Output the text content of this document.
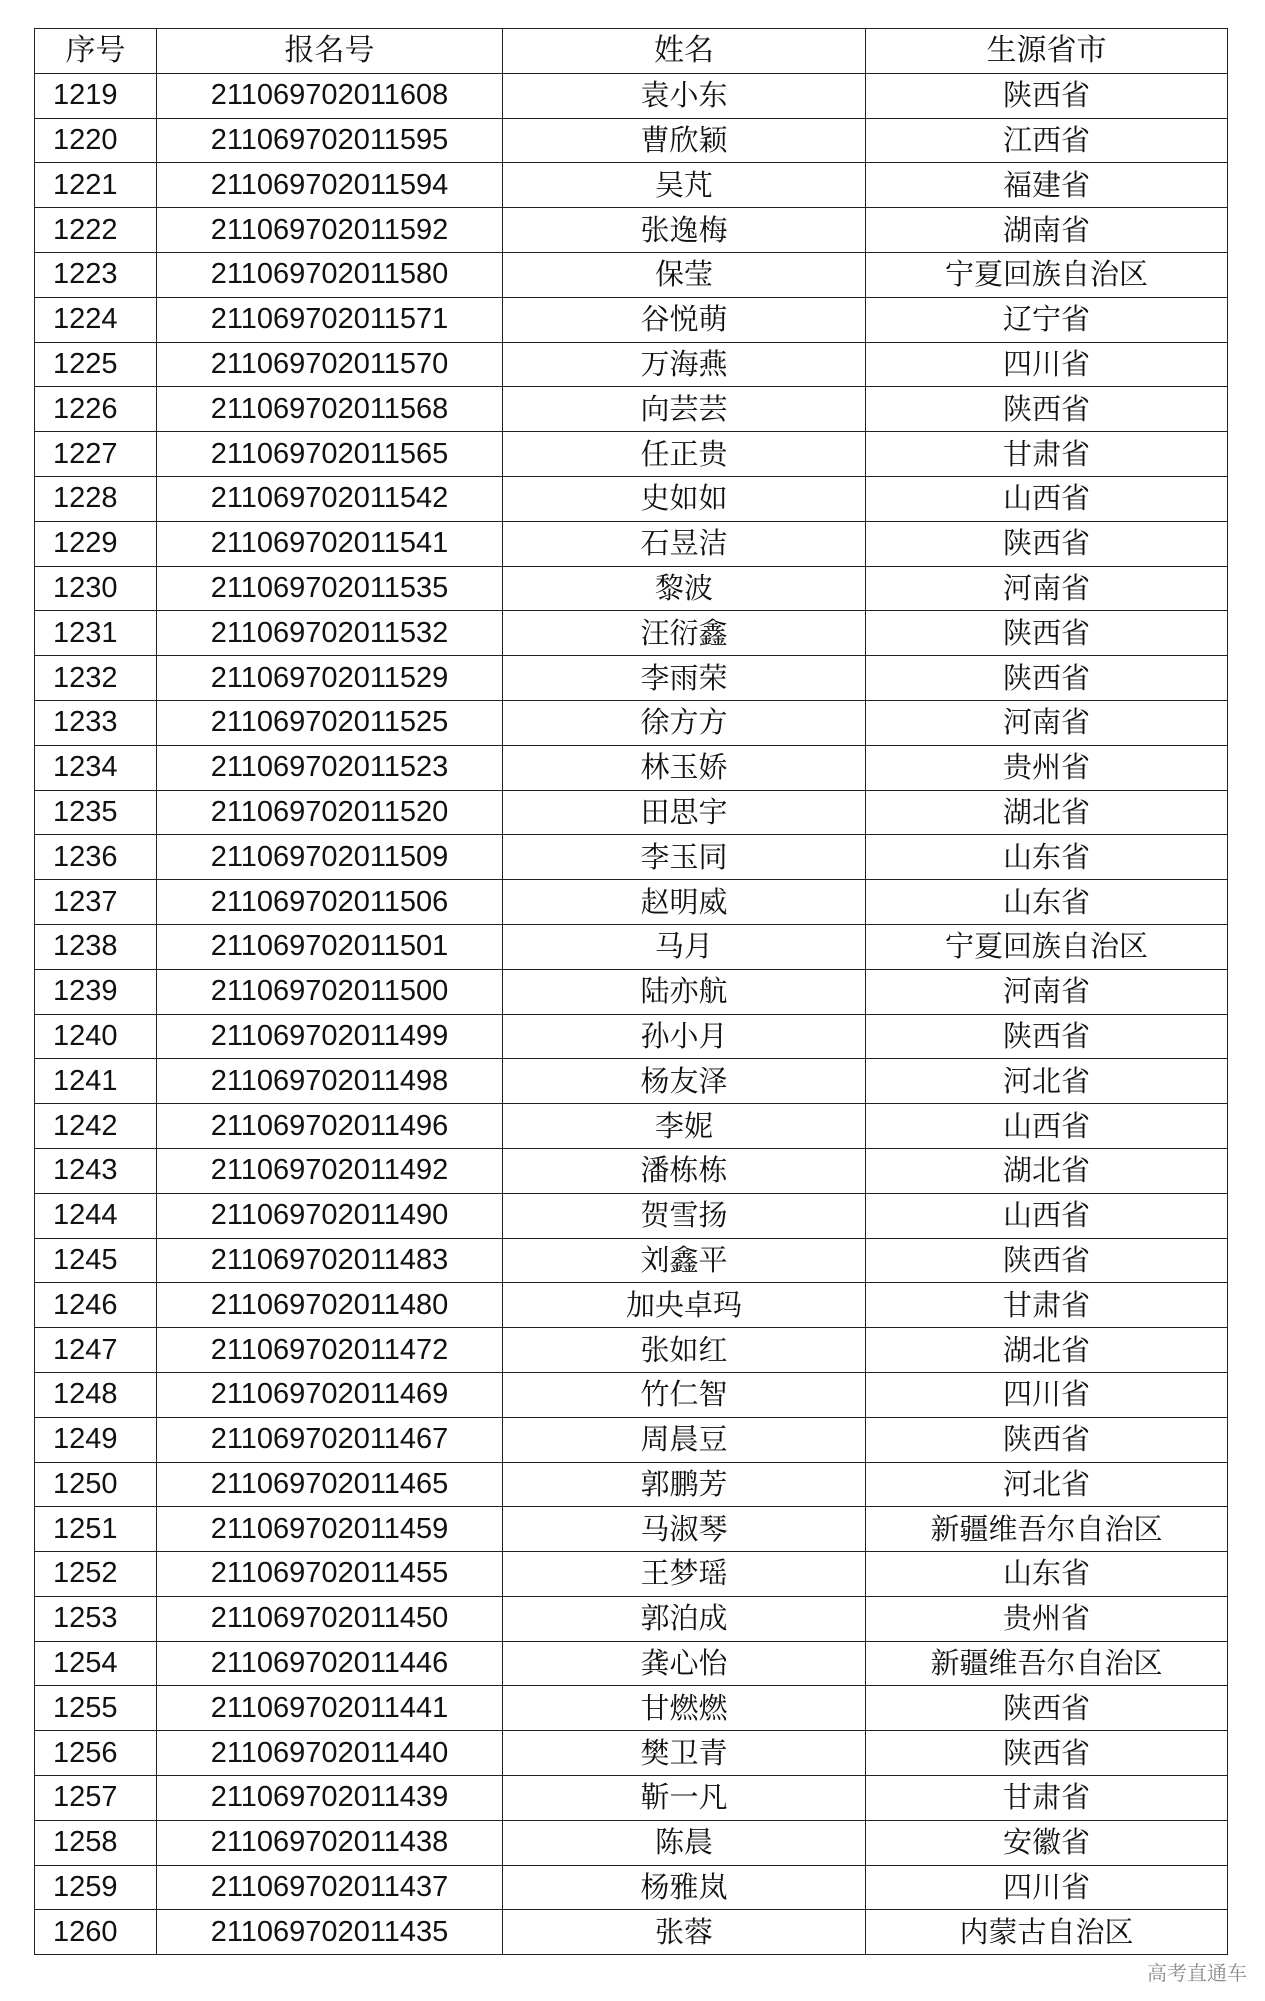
序号	报名号	姓名	生源省市
1219	211069702011608	袁小东	陕西省
1220	211069702011595	曹欣颖	江西省
1221	211069702011594	吴芃	福建省
1222	211069702011592	张逸梅	湖南省
1223	211069702011580	保莹	宁夏回族自治区
1224	211069702011571	谷悦萌	辽宁省
1225	211069702011570	万海燕	四川省
1226	211069702011568	向芸芸	陕西省
1227	211069702011565	任正贵	甘肃省
1228	211069702011542	史如如	山西省
1229	211069702011541	石昱洁	陕西省
1230	211069702011535	黎波	河南省
1231	211069702011532	汪衍鑫	陕西省
1232	211069702011529	李雨荣	陕西省
1233	211069702011525	徐方方	河南省
1234	211069702011523	林玉娇	贵州省
1235	211069702011520	田思宇	湖北省
1236	211069702011509	李玉同	山东省
1237	211069702011506	赵明威	山东省
1238	211069702011501	马月	宁夏回族自治区
1239	211069702011500	陆亦航	河南省
1240	211069702011499	孙小月	陕西省
1241	211069702011498	杨友泽	河北省
1242	211069702011496	李妮	山西省
1243	211069702011492	潘栋栋	湖北省
1244	211069702011490	贺雪扬	山西省
1245	211069702011483	刘鑫平	陕西省
1246	211069702011480	加央卓玛	甘肃省
1247	211069702011472	张如红	湖北省
1248	211069702011469	竹仁智	四川省
1249	211069702011467	周晨豆	陕西省
1250	211069702011465	郭鹏芳	河北省
1251	211069702011459	马淑琴	新疆维吾尔自治区
1252	211069702011455	王梦瑶	山东省
1253	211069702011450	郭泊成	贵州省
1254	211069702011446	龚心怡	新疆维吾尔自治区
1255	211069702011441	甘燃燃	陕西省
1256	211069702011440	樊卫青	陕西省
1257	211069702011439	靳一凡	甘肃省
1258	211069702011438	陈晨	安徽省
1259	211069702011437	杨雅岚	四川省
1260	211069702011435	张蓉	内蒙古自治区
高考直通车
